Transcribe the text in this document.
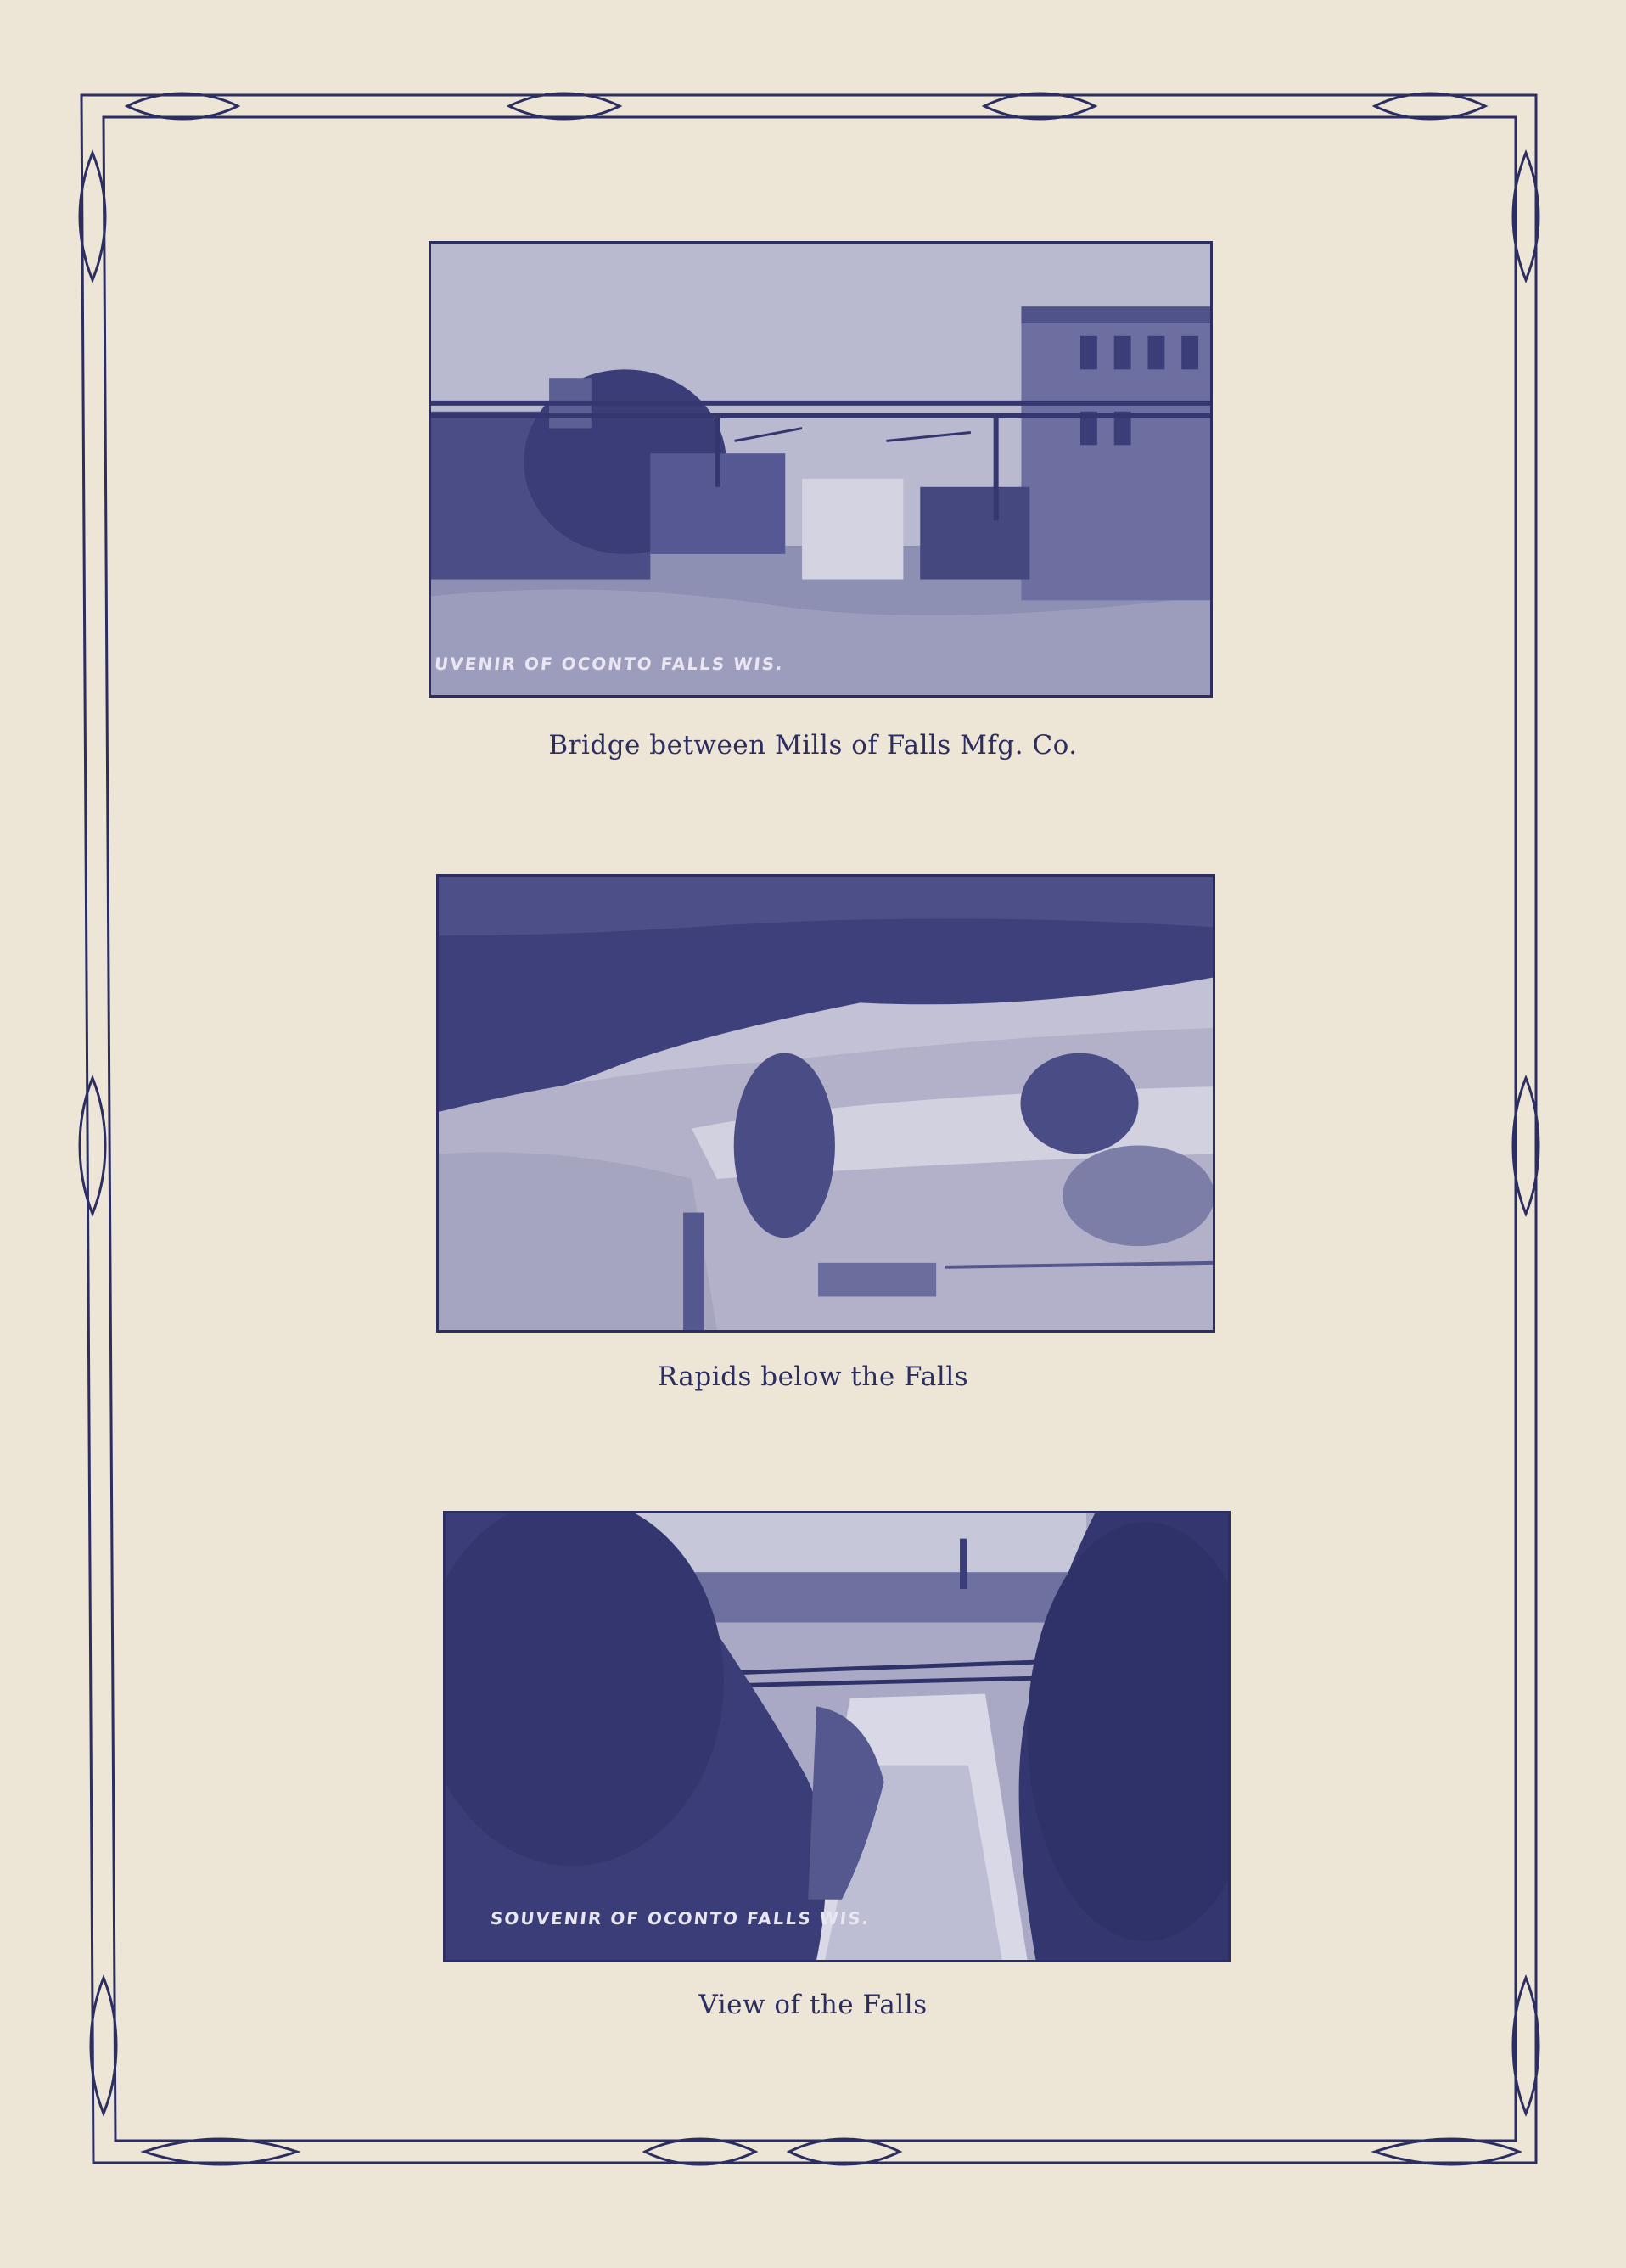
UVENIR OF OCONTO FALLS WIS.
Bridge between Mills of Falls Mfg. Co.
Rapids below the Falls
SOUVENIR OF OCONTO FALLS WIS.
View of the Falls
